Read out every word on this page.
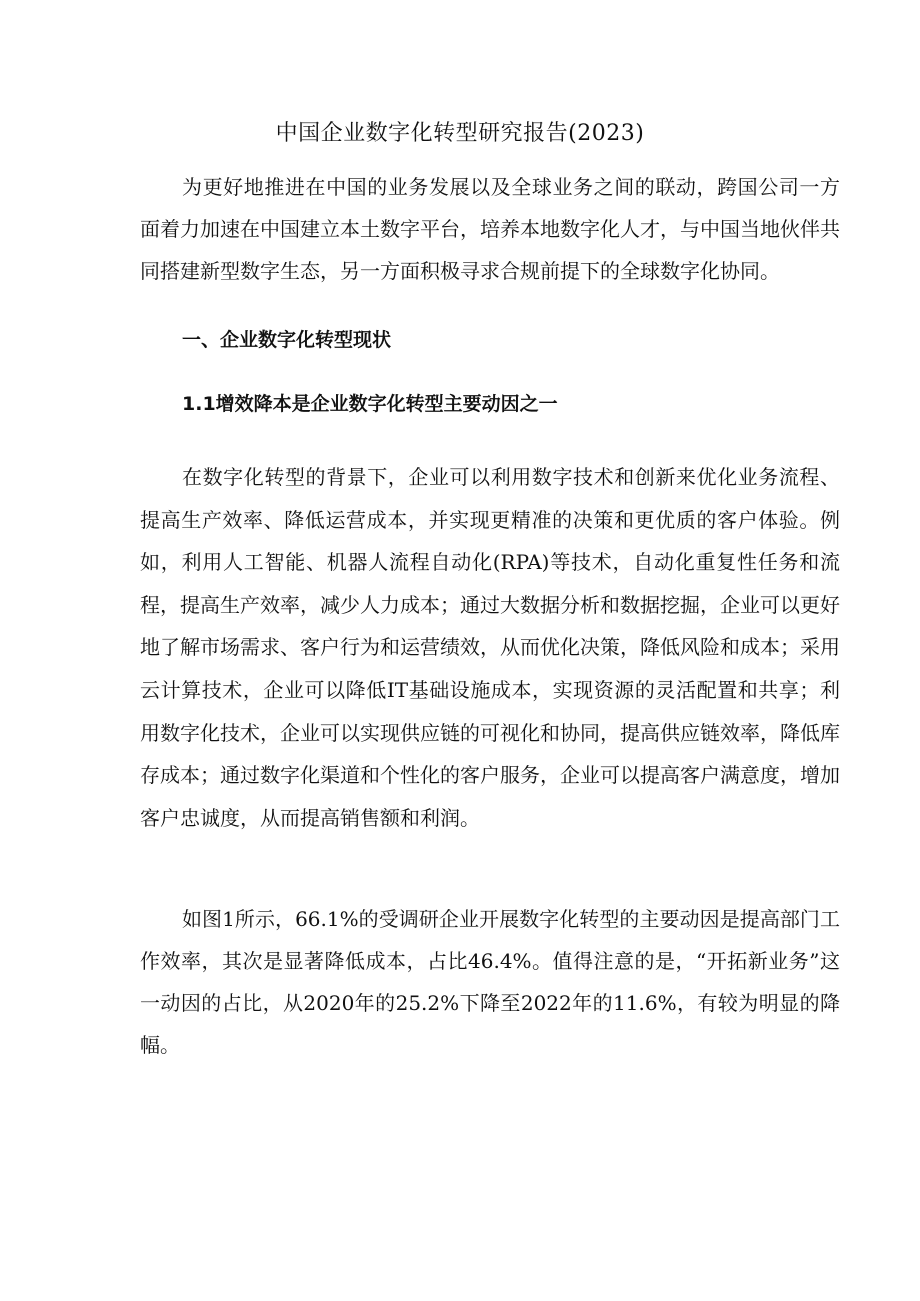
中国企业数字化转型研究报告(2023)

为更好地推进在中国的业务发展以及全球业务之间的联动，跨国公司一方面着力加速在中国建立本土数字平台，培养本地数字化人才，与中国当地伙伴共同搭建新型数字生态，另一方面积极寻求合规前提下的全球数字化协同。

一、企业数字化转型现状
1.1增效降本是企业数字化转型主要动因之一

在数字化转型的背景下，企业可以利用数字技术和创新来优化业务流程、提高生产效率、降低运营成本，并实现更精准的决策和更优质的客户体验。例如，利用人工智能、机器人流程自动化(RPA)等技术，自动化重复性任务和流程，提高生产效率，减少人力成本；通过大数据分析和数据挖掘，企业可以更好地了解市场需求、客户行为和运营绩效，从而优化决策，降低风险和成本；采用云计算技术，企业可以降低IT基础设施成本，实现资源的灵活配置和共享；利用数字化技术，企业可以实现供应链的可视化和协同，提高供应链效率，降低库存成本；通过数字化渠道和个性化的客户服务，企业可以提高客户满意度，增加客户忠诚度，从而提高销售额和利润。

如图1所示，66.1%的受调研企业开展数字化转型的主要动因是提高部门工作效率，其次是显著降低成本，占比46.4%。值得注意的是，“开拓新业务”这一动因的占比，从2020年的25.2%下降至2022年的11.6%，有较为明显的降幅。
